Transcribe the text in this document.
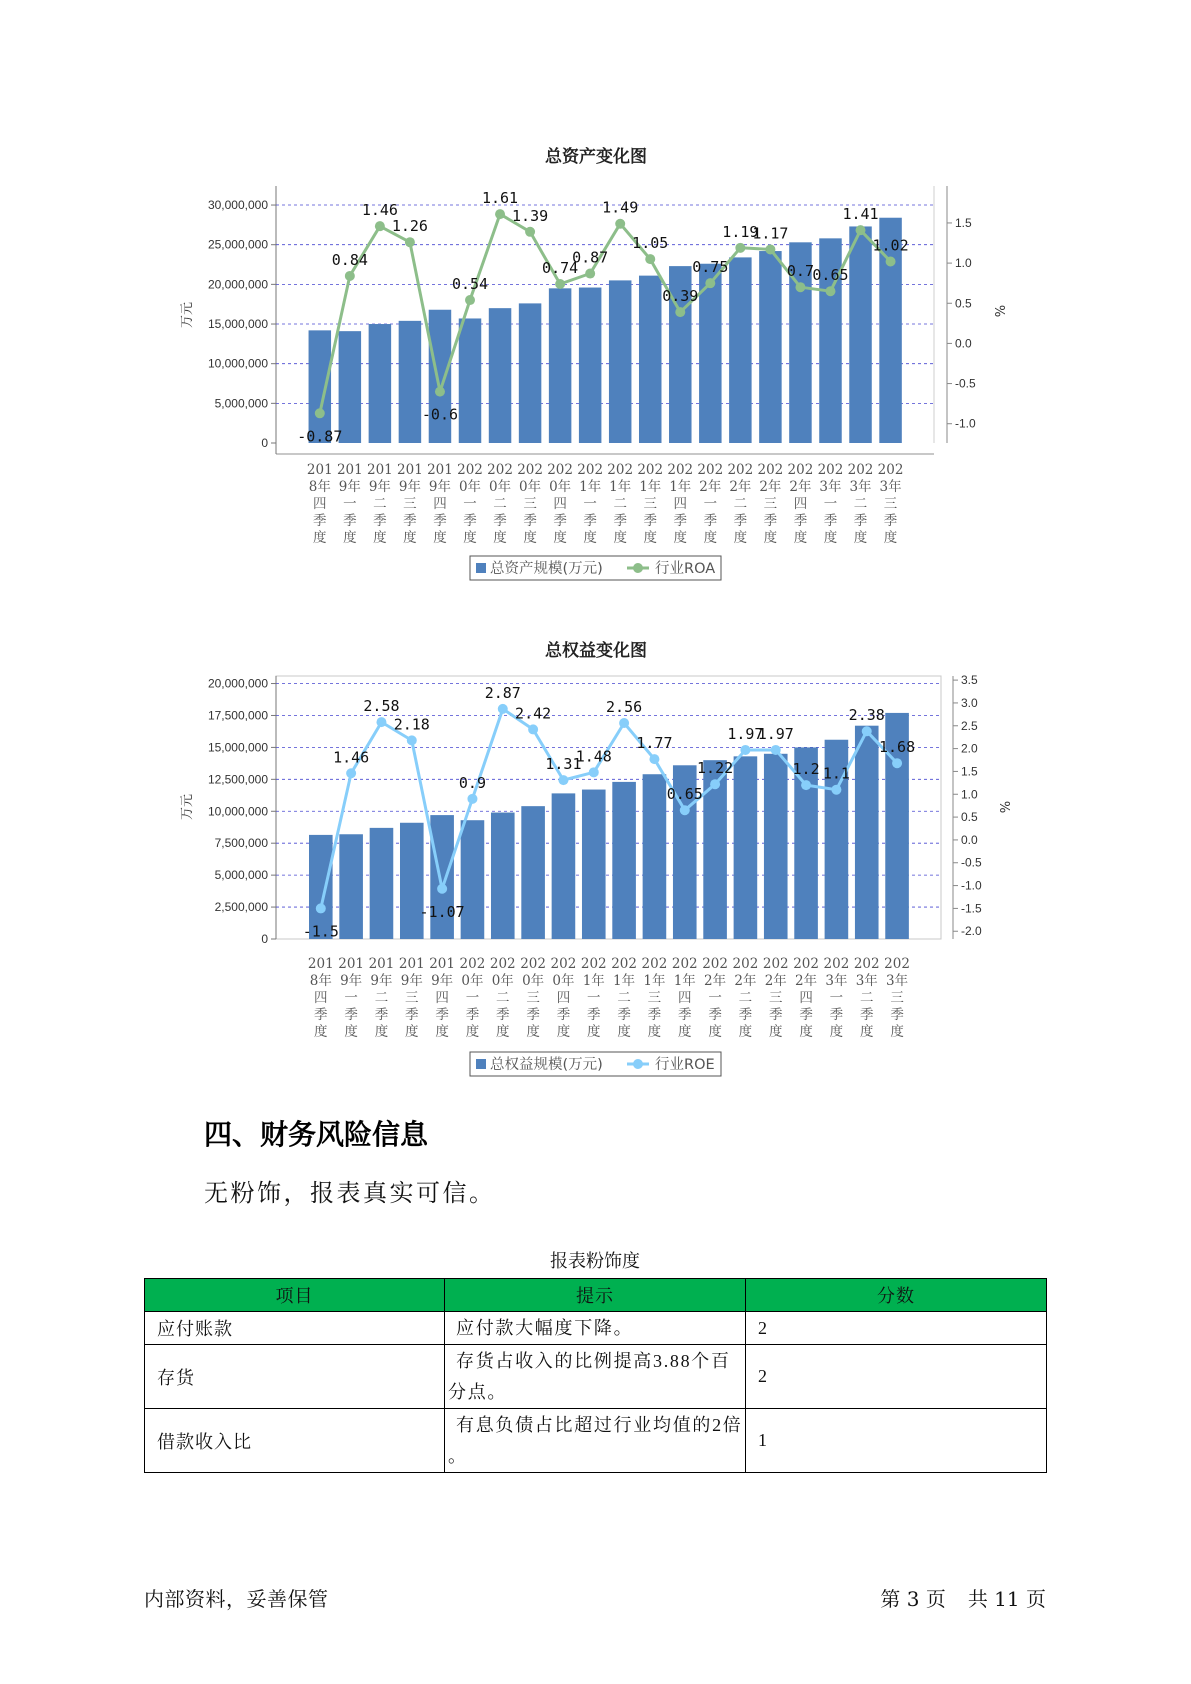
总资产变化图
0
5,000,000
10,000,000
15,000,000
20,000,000
25,000,000
30,000,000
-1.0
-0.5
0.0
0.5
1.0
1.5
万元	%
201 8年四季度
201 9年一季度
201 9年二季度
201 9年三季度
201 9年四季度
202 0年一季度
202 0年二季度
202 0年三季度
202 0年四季度
202 1年一季度
202 1年二季度
202 1年三季度
202 1年四季度
202 2年一季度
202 2年二季度
202 2年三季度
202 2年四季度
202 3年一季度
202 3年二季度
202 3年三季度
-0.87
0.84
1.46
1.26
-0.6
0.54
1.61
1.39
0.74
0.87
1.49
1.05
0.39
0.75
1.19
1.17
0.7
0.65
1.41
1.02
总资产规模(万元)	行业ROA
总权益变化图
0
2,500,000
5,000,000
7,500,000
10,000,000
12,500,000
15,000,000
17,500,000
20,000,000
-2.0
-1.5
-1.0
-0.5
0.0
0.5
1.0
1.5
2.0
2.5
3.0
3.5
万元	%
201 8年四季度
201 9年一季度
201 9年二季度
201 9年三季度
201 9年四季度
202 0年一季度
202 0年二季度
202 0年三季度
202 0年四季度
202 1年一季度
202 1年二季度
202 1年三季度
202 1年四季度
202 2年一季度
202 2年二季度
202 2年三季度
202 2年四季度
202 3年一季度
202 3年二季度
202 3年三季度
-1.5
1.46
2.58
2.18
-1.07
0.9
2.87
2.42
1.31
1.48
2.56
1.77
0.65
1.22
1.97
1.97
1.2 1.1
2.38
1.68
总权益规模(万元)	行业ROE
四、财务风险信息

无粉饰，报表真实可信。

报表粉饰度
项目	提示	分数
应付账款	应付款大幅度下降。	2
存货	存货占收入的比例提高3.88个百分点。	2
借款收入比	有息负债占比超过行业均值的2倍。	1
内部资料，妥善保管	第 3 页 共 11 页
